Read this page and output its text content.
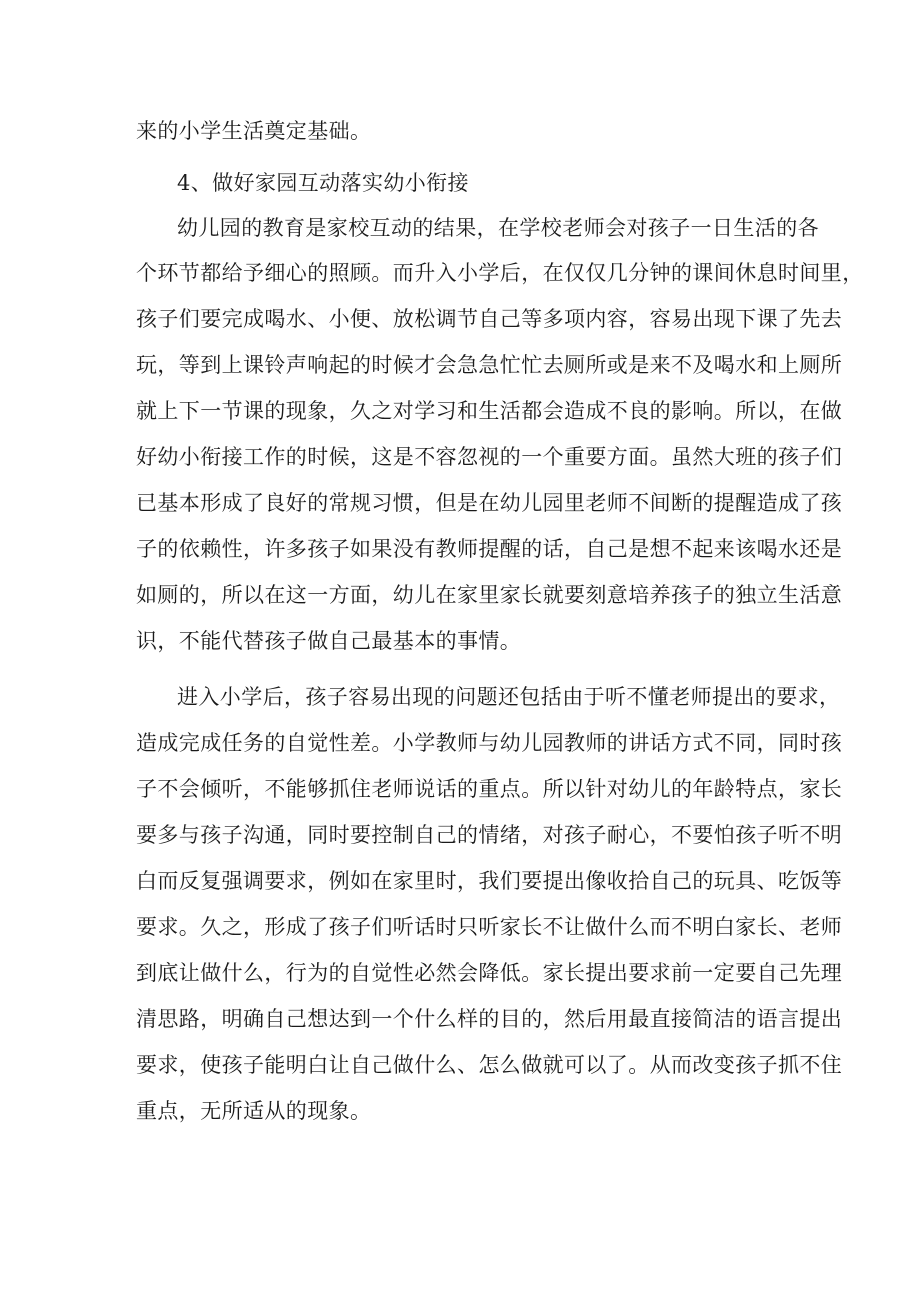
来的小学生活奠定基础。
4、做好家园互动落实幼小衔接
幼儿园的教育是家校互动的结果，在学校老师会对孩子一日生活的各
个环节都给予细心的照顾。而升入小学后，在仅仅几分钟的课间休息时间里，
孩子们要完成喝水、小便、放松调节自己等多项内容，容易出现下课了先去
玩，等到上课铃声响起的时候才会急急忙忙去厕所或是来不及喝水和上厕所
就上下一节课的现象，久之对学习和生活都会造成不良的影响。所以，在做
好幼小衔接工作的时候，这是不容忽视的一个重要方面。虽然大班的孩子们
已基本形成了良好的常规习惯，但是在幼儿园里老师不间断的提醒造成了孩
子的依赖性，许多孩子如果没有教师提醒的话，自己是想不起来该喝水还是
如厕的，所以在这一方面，幼儿在家里家长就要刻意培养孩子的独立生活意
识，不能代替孩子做自己最基本的事情。
进入小学后，孩子容易出现的问题还包括由于听不懂老师提出的要求，
造成完成任务的自觉性差。小学教师与幼儿园教师的讲话方式不同，同时孩
子不会倾听，不能够抓住老师说话的重点。所以针对幼儿的年龄特点，家长
要多与孩子沟通，同时要控制自己的情绪，对孩子耐心，不要怕孩子听不明
白而反复强调要求，例如在家里时，我们要提出像收拾自己的玩具、吃饭等
要求。久之，形成了孩子们听话时只听家长不让做什么而不明白家长、老师
到底让做什么，行为的自觉性必然会降低。家长提出要求前一定要自己先理
清思路，明确自己想达到一个什么样的目的，然后用最直接简洁的语言提出
要求，使孩子能明白让自己做什么、怎么做就可以了。从而改变孩子抓不住
重点，无所适从的现象。
